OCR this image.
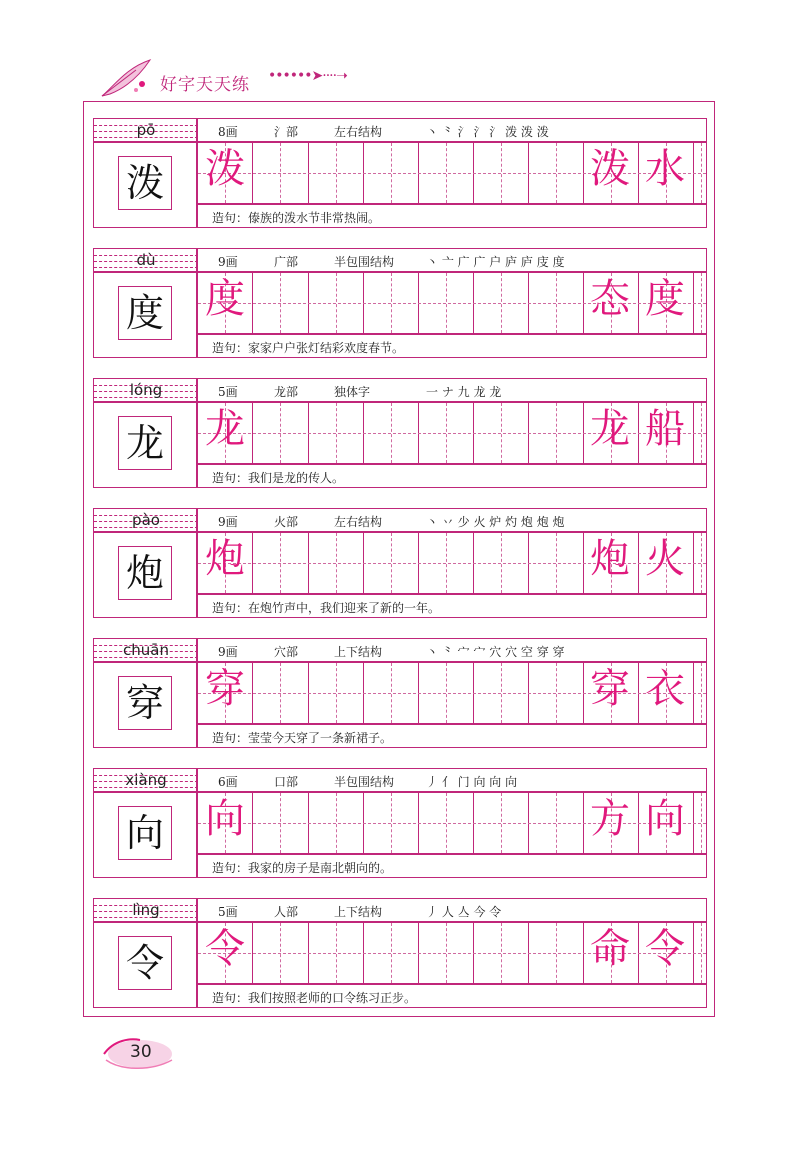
好字天天练 ••••••➤····➝
pō
泼
8画	氵部	左右结构	丶 ⺀ 氵 氵 氵 泼 泼 泼
泼	泼 水
造句：傣族的泼水节非常热闹。
dù
度
9画	广部	半包围结构	丶 亠 广 广 户 庐 庐 庋 度
度	态 度
造句：家家户户张灯结彩欢度春节。
lóng
龙
5画	龙部	独体字	一 ナ 九 龙 龙
龙	龙 船
造句：我们是龙的传人。
pào
炮
9画	火部	左右结构	丶 丷 少 火 炉 灼 炮 炮 炮
炮	炮 火
造句：在炮竹声中，我们迎来了新的一年。
chuān
穿
9画	穴部	上下结构	丶 ⺀ 宀 宀 穴 穴 空 穿 穿
穿	穿 衣
造句：莹莹今天穿了一条新裙子。
xiàng
向
6画	口部	半包围结构	丿 亻 门 向 向 向
向	方 向
造句：我家的房子是南北朝向的。
lìng
令
5画	人部	上下结构	丿 人 亼 今 令
令	命 令
造句：我们按照老师的口令练习正步。
30
